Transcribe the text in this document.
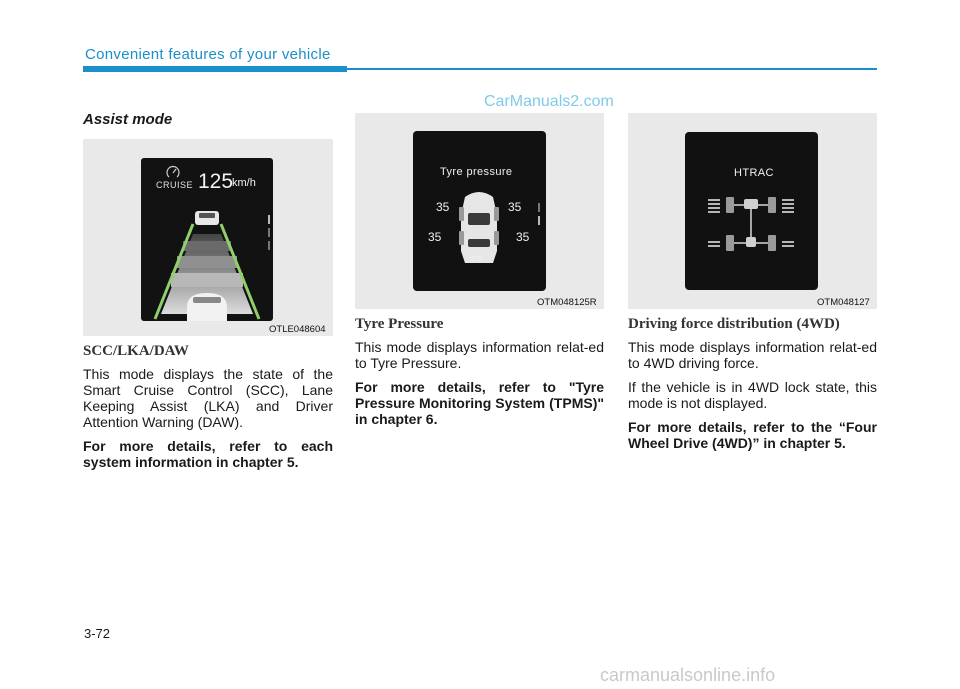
Convenient features of your vehicle
CarManuals2.com
Assist mode
CRUISE 125
km/h
OTLE048604
Tyre pressure
35	35
35	35
psi
OTM048125R
HTRAC
OTM048127
SCC/LKA/DAW

This mode displays the state of the Smart Cruise Control (SCC), Lane Keeping Assist (LKA) and Driver Attention Warning (DAW).

For more details, refer to each system information in chapter 5.

Tyre Pressure

This mode displays information relat-ed to Tyre Pressure.

For more details, refer to "Tyre Pressure Monitoring System (TPMS)" in chapter 6.

Driving force distribution (4WD)

This mode displays information relat-ed to 4WD driving force.

If the vehicle is in 4WD lock state, this mode is not displayed.

For more details, refer to the “Four Wheel Drive (4WD)” in chapter 5.

3-72
carmanualsonline.info
